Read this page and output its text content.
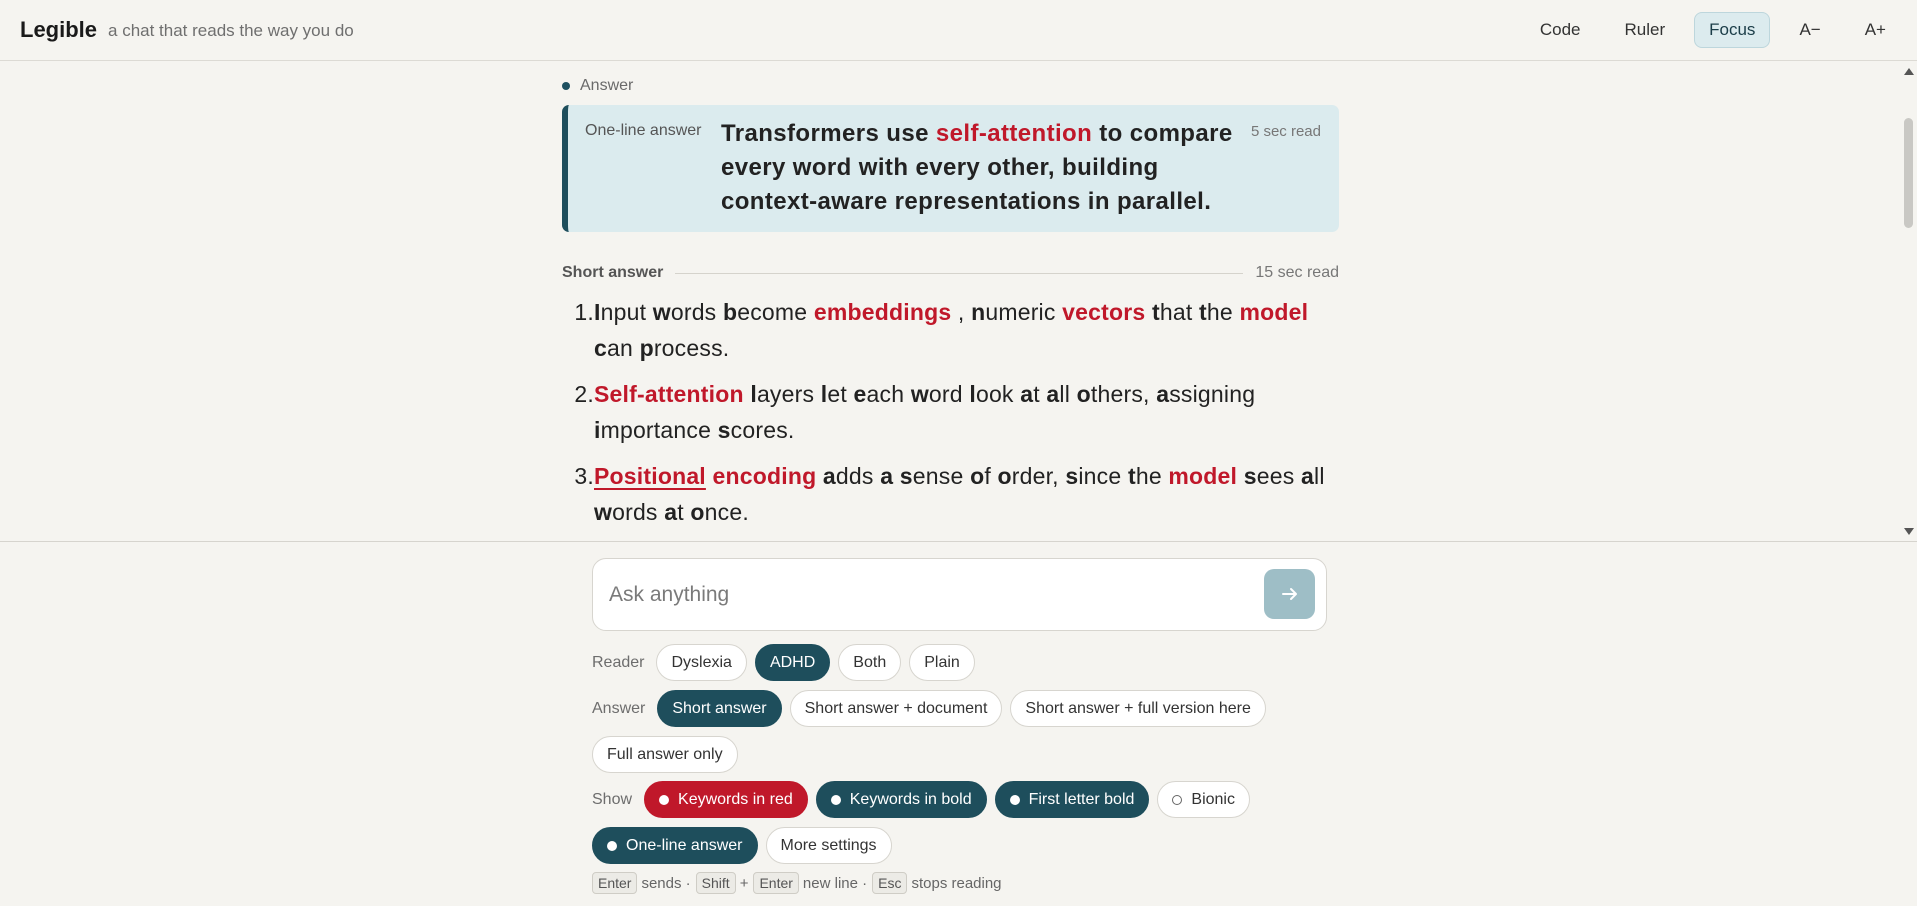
Legible a chat that reads the way you do	Code	Ruler	Focus	A−	A+
Answer
One-line answer Transformers use self-attention to compare every word with every other, building context-aware representations in parallel.
5 sec read
Short answer	15 sec read
1. Input words become embeddings , numeric vectors that the model can process.
2. Self-attention layers let each word look at all others, assigning importance scores.
3. Positional encoding adds a sense of order, since the model sees all words at once.
Ask anything
Reader	Dyslexia	ADHD	Both	Plain
Answer	Short answer	Short answer + document	Short answer + full version here
Full answer only
Show	Keywords in red	Keywords in bold	First letter bold	Bionic
One-line answer	More settings
Enter sends · Shift + Enter new line · Esc stops reading
